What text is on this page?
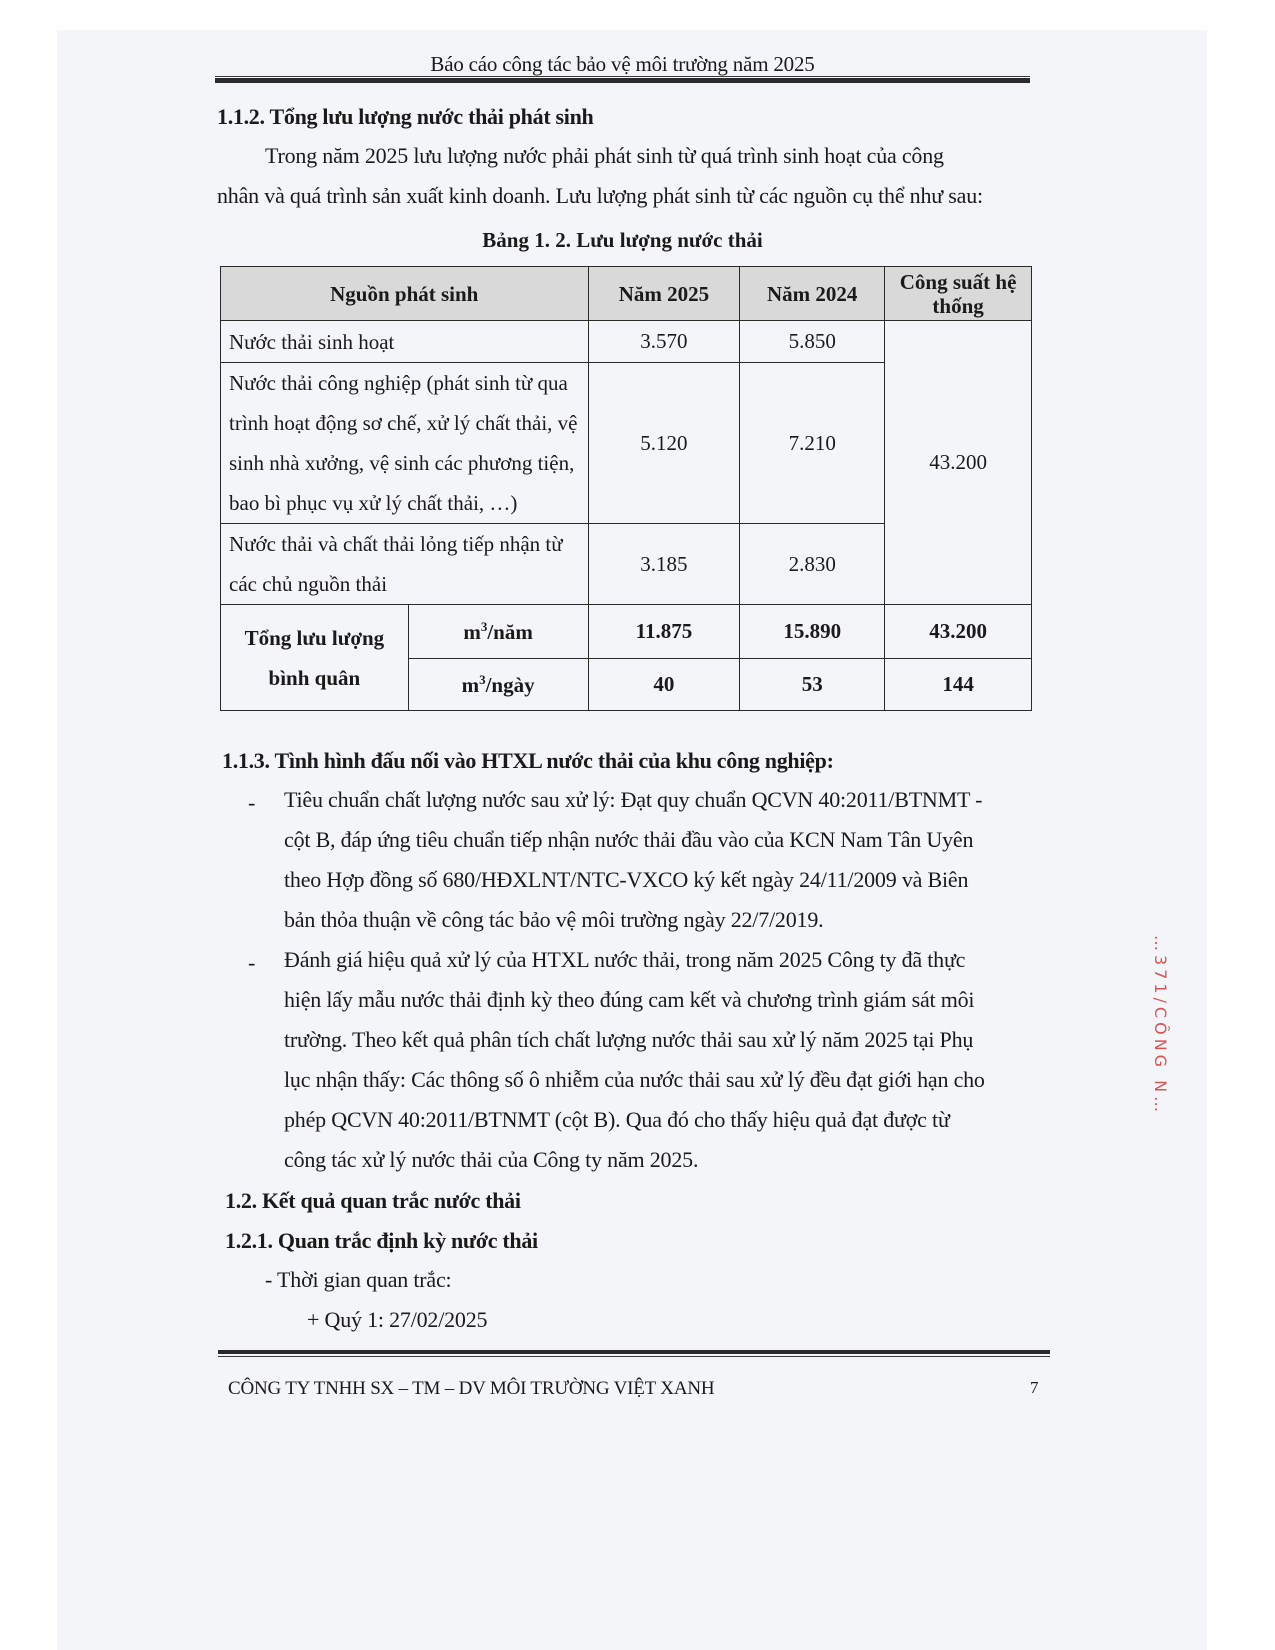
Báo cáo công tác bảo vệ môi trường năm 2025
1.1.2. Tổng lưu lượng nước thải phát sinh
Trong năm 2025 lưu lượng nước phải phát sinh từ quá trình sinh hoạt của công
nhân và quá trình sản xuất kinh doanh. Lưu lượng phát sinh từ các nguồn cụ thể như sau:
Bảng 1. 2. Lưu lượng nước thải
Nguồn phát sinh		Năm 2025	Năm 2024	Công suất hệ thống
Nước thải sinh hoạt		3.570	5.850	43.200
Nước thải công nghiệp (phát sinh từ qua trình hoạt động sơ chế, xử lý chất thải, vệ sinh nhà xưởng, vệ sinh các phương tiện, bao bì phục vụ xử lý chất thải, …)		5.120	7.210	
Nước thải và chất thải lỏng tiếp nhận từ các chủ nguồn thải		3.185	2.830	
Tổng lưu lượng bình quân	$m^3$/năm	11.875	15.890	43.200
	$m^3$/ngày	40	53	144
1.1.3. Tình hình đấu nối vào HTXL nước thải của khu công nghiệp:
- Tiêu chuẩn chất lượng nước sau xử lý: Đạt quy chuẩn QCVN 40:2011/BTNMT -
cột B, đáp ứng tiêu chuẩn tiếp nhận nước thải đầu vào của KCN Nam Tân Uyên
theo Hợp đồng số 680/HĐXLNT/NTC-VXCO ký kết ngày 24/11/2009 và Biên
bản thỏa thuận về công tác bảo vệ môi trường ngày 22/7/2019.
- Đánh giá hiệu quả xử lý của HTXL nước thải, trong năm 2025 Công ty đã thực
hiện lấy mẫu nước thải định kỳ theo đúng cam kết và chương trình giám sát môi
trường. Theo kết quả phân tích chất lượng nước thải sau xử lý năm 2025 tại Phụ
lục nhận thấy: Các thông số ô nhiễm của nước thải sau xử lý đều đạt giới hạn cho
phép QCVN 40:2011/BTNMT (cột B). Qua đó cho thấy hiệu quả đạt được từ
công tác xử lý nước thải của Công ty năm 2025.
1.2. Kết quả quan trắc nước thải
1.2.1. Quan trắc định kỳ nước thải
- Thời gian quan trắc:
+ Quý 1: 27/02/2025
…371/CÔNG N…
CÔNG TY TNHH SX – TM – DV MÔI TRƯỜNG VIỆT XANH	7
